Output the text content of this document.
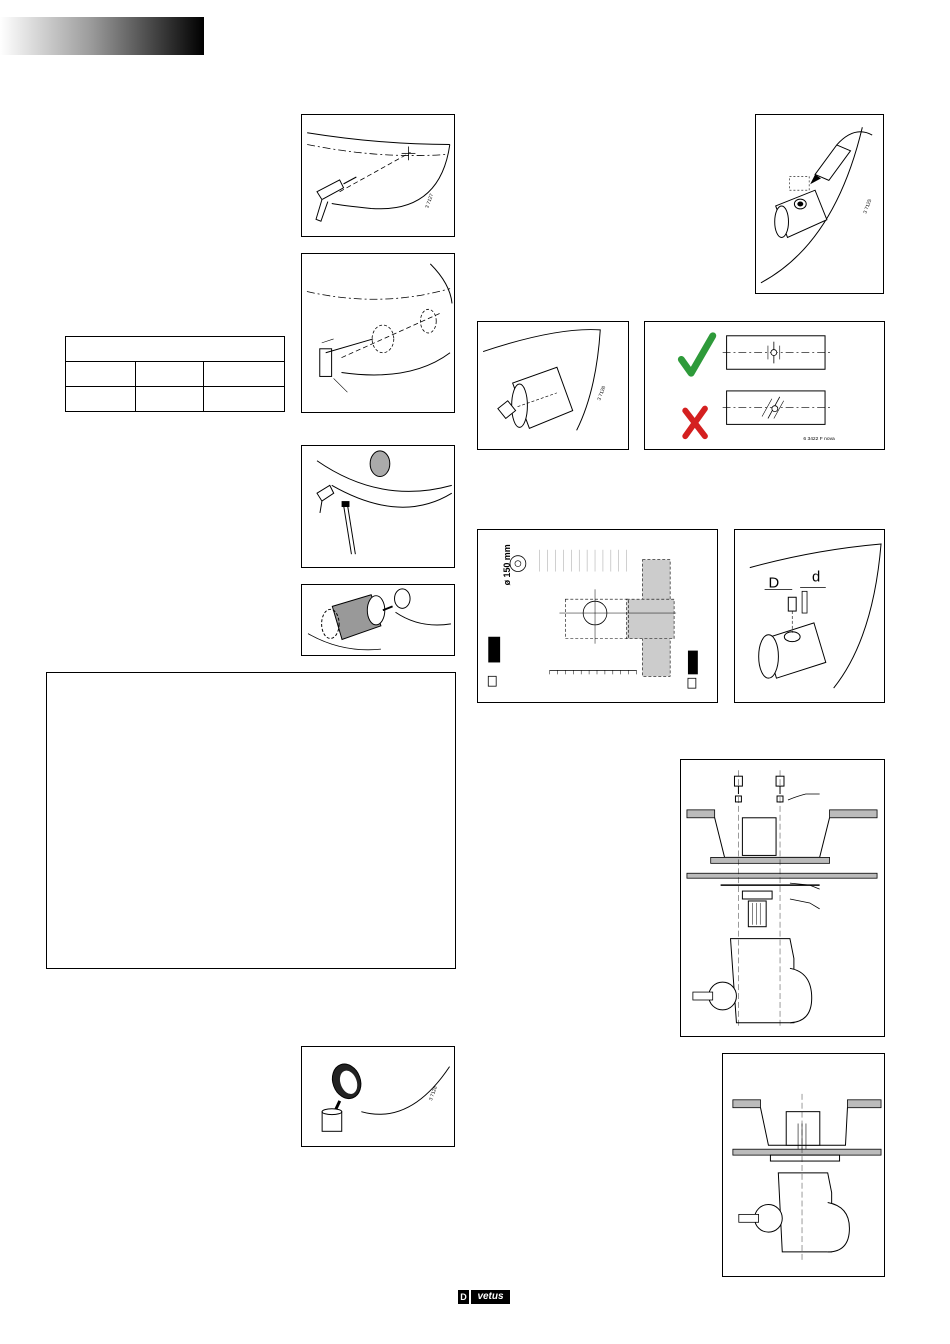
3 7127

3 7128
3 7125
3 7126
6 3422 F nova
ø 150 mm	D d
D	vetus
